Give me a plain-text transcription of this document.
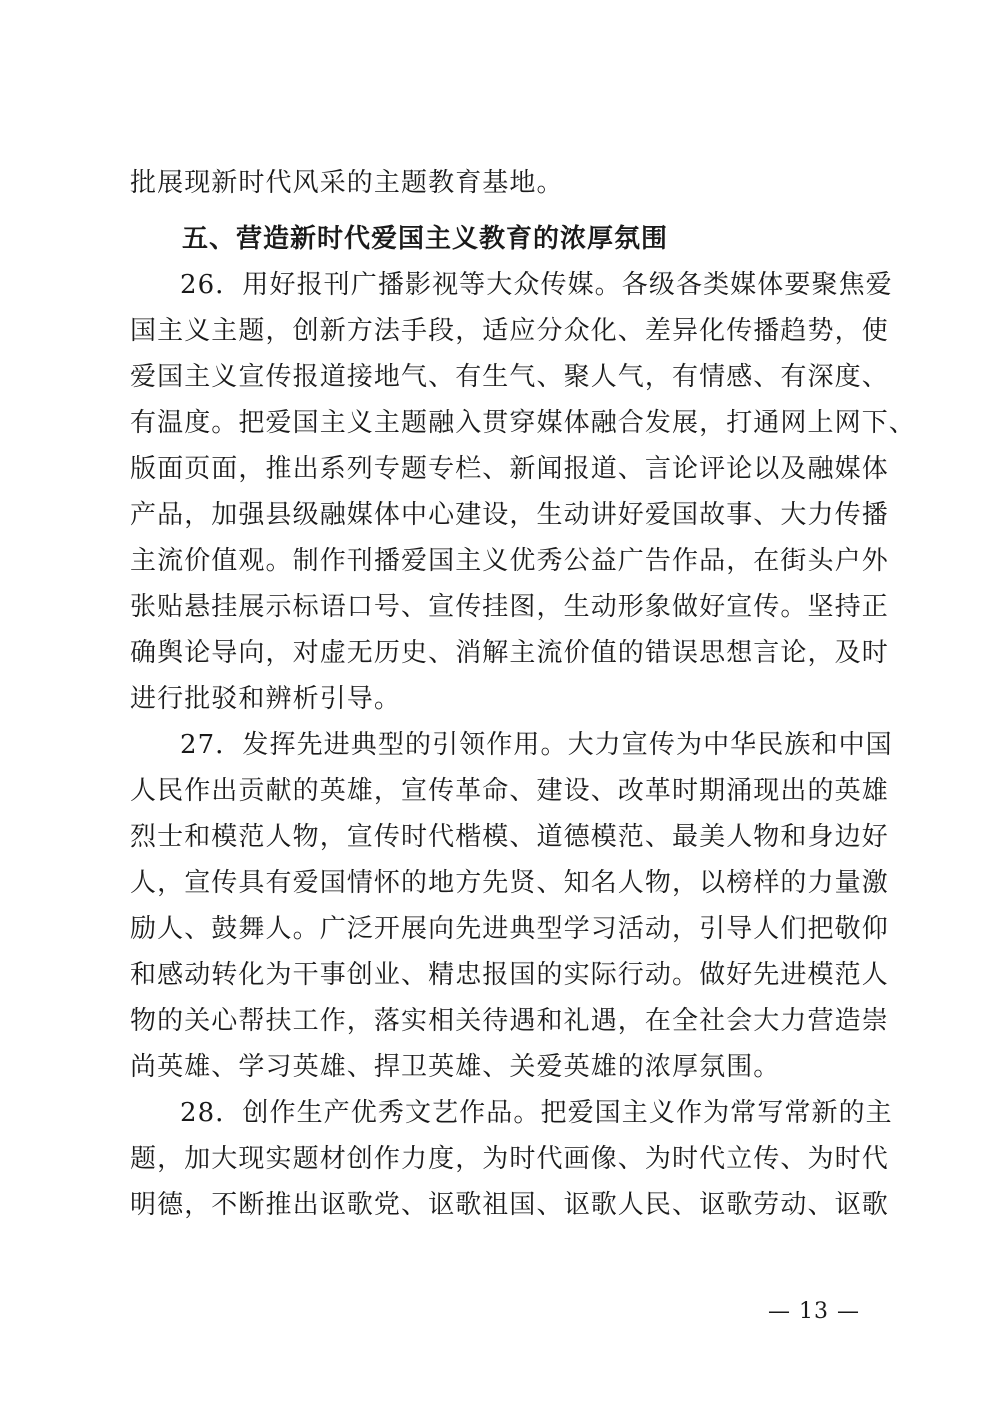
批展现新时代风采的主题教育基地。
五、营造新时代爱国主义教育的浓厚氛围
26．用好报刊广播影视等大众传媒。各级各类媒体要聚焦爱
国主义主题，创新方法手段，适应分众化、差异化传播趋势，使
爱国主义宣传报道接地气、有生气、聚人气，有情感、有深度、
有温度。把爱国主义主题融入贯穿媒体融合发展，打通网上网下、
版面页面，推出系列专题专栏、新闻报道、言论评论以及融媒体
产品，加强县级融媒体中心建设，生动讲好爱国故事、大力传播
主流价值观。制作刊播爱国主义优秀公益广告作品，在街头户外
张贴悬挂展示标语口号、宣传挂图，生动形象做好宣传。坚持正
确舆论导向，对虚无历史、消解主流价值的错误思想言论，及时
进行批驳和辨析引导。
27．发挥先进典型的引领作用。大力宣传为中华民族和中国
人民作出贡献的英雄，宣传革命、建设、改革时期涌现出的英雄
烈士和模范人物，宣传时代楷模、道德模范、最美人物和身边好
人，宣传具有爱国情怀的地方先贤、知名人物，以榜样的力量激
励人、鼓舞人。广泛开展向先进典型学习活动，引导人们把敬仰
和感动转化为干事创业、精忠报国的实际行动。做好先进模范人
物的关心帮扶工作，落实相关待遇和礼遇，在全社会大力营造崇
尚英雄、学习英雄、捍卫英雄、关爱英雄的浓厚氛围。
28．创作生产优秀文艺作品。把爱国主义作为常写常新的主
题，加大现实题材创作力度，为时代画像、为时代立传、为时代
明德，不断推出讴歌党、讴歌祖国、讴歌人民、讴歌劳动、讴歌
— 13 —
